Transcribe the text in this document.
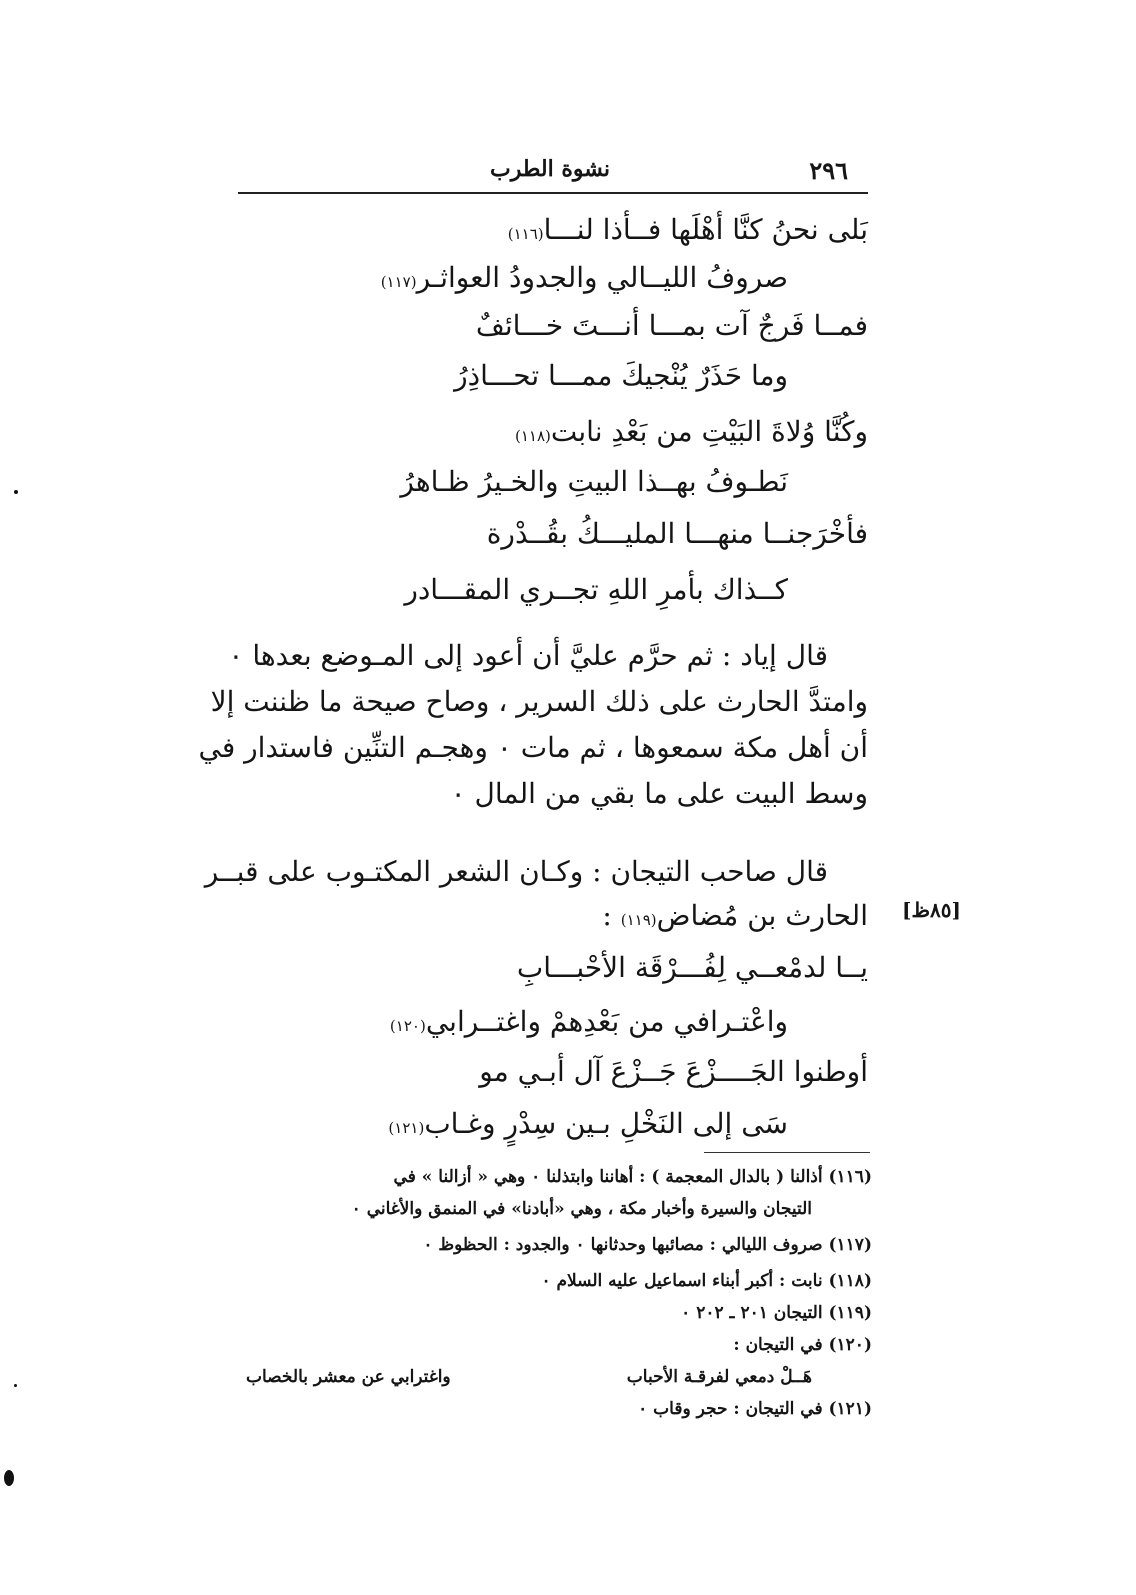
٢٩٦
نشوة الطرب
بَلى نحنُ كنَّا أهْلَها فــأذا لنـــا(١١٦)
صروفُ الليــالي والجدودُ العواثـر(١١٧)
فمــا فَرجٌ آت بمـــا أنـــتَ خـــائفٌ
وما حَذَرٌ يُنْجيكَ ممـــا تحـــاذِرُ
وكُنَّا وُلاةَ البَيْتِ من بَعْدِ نابت(١١٨)
نَطـوفُ بهــذا البيتِ والخـيرُ ظـاهرُ
فأخْرَجنــا منهـــا المليـــكُ بقُــدْرة
كــذاك بأمرِ اللهِ تجــري المقـــادر
قال إياد : ثم حرَّم عليَّ أن أعود إلى المـوضع بعدها ٠
وامتدَّ الحارث على ذلك السرير ، وصاح صيحة ما ظننت إلا
أن أهل مكة سمعوها ، ثم مات ٠ وهجـم التنِّين فاستدار في
وسط البيت على ما بقي من المال ٠
قال صاحب التيجان : وكـان الشعر المكتـوب على قبــر
الحارث بن مُضاض(١١٩) :	[٨٥ظ]
يــا لدمْعــي لِفُـــرْقَة الأحْبـــابِ
واعْتـرافي من بَعْدِهمْ واغتــرابي(١٢٠)
أوطنوا الجَــــزْعَ جَــزْعَ آل أبـي مو
سَى إلى النَخْلِ بـين سِدْرٍ وغـاب(١٢١)
(١١٦) أذالنا ( بالدال المعجمة ) : أهاننا وابتذلنا ٠ وهي « أزالنا » في
التيجان والسيرة وأخبار مكة ، وهي «أبادنا» في المنمق والأغاني ٠
(١١٧) صروف الليالي : مصائبها وحدثانها ٠ والجدود : الحظوظ ٠
(١١٨) نابت : أكبر أبناء اسماعيل عليه السلام ٠
(١١٩) التيجان ٢٠١ ـ ٢٠٢ ٠
(١٢٠) في التيجان :
هَــلْ دمعي لفرقـة الأحباب
واغترابي عن معشر بالخصاب
(١٢١) في التيجان : حجر وقاب ٠
